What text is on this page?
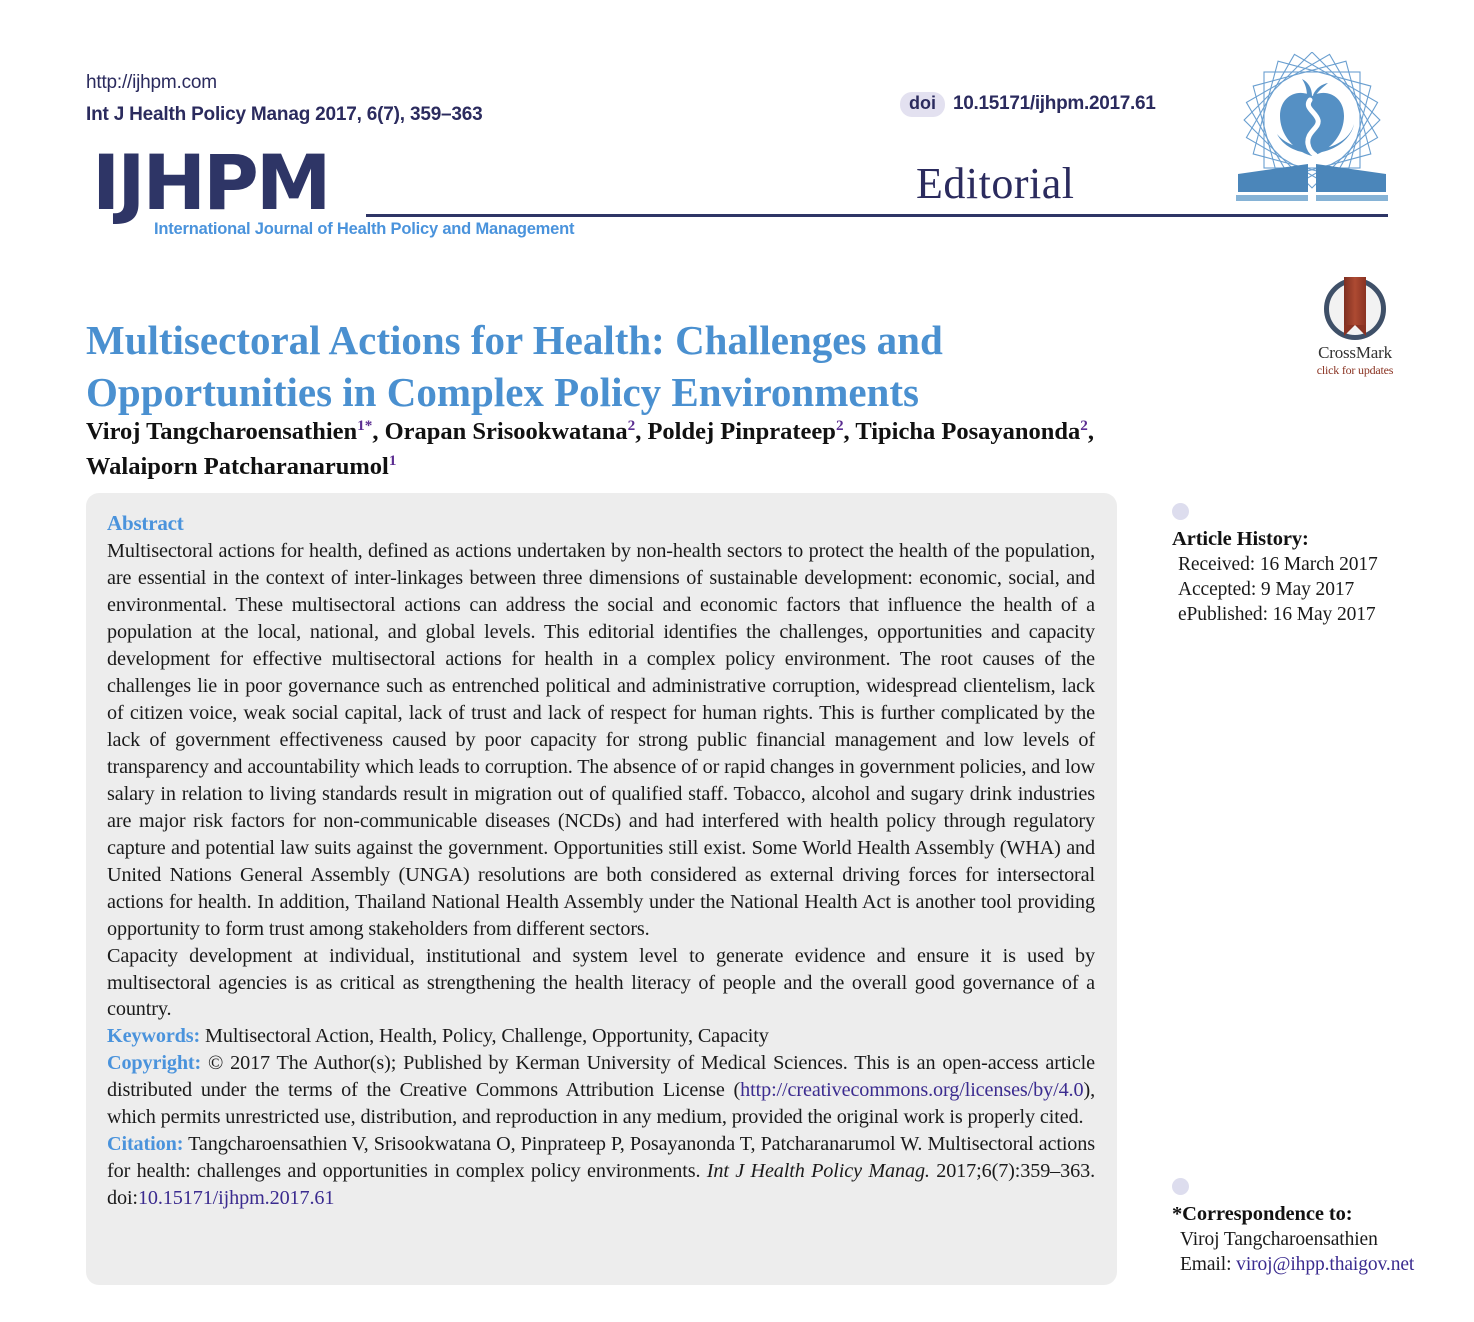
http://ijhpm.com
Int J Health Policy Manag 2017, 6(7), 359–363
doi 10.15171/ijhpm.2017.61
IJHPM
International Journal of Health Policy and Management
Editorial
Multisectoral Actions for Health: Challenges and Opportunities in Complex Policy Environments
CrossMark
click for updates
Viroj Tangcharoensathien$^{1*}$, Orapan Srisookwatana$^2$, Poldej Pinprateep$^2$, Tipicha Posayanonda$^2$, Walaiporn Patcharanarumol$^1$
Abstract

Multisectoral actions for health, defined as actions undertaken by non-health sectors to protect the health of the population, are essential in the context of inter-linkages between three dimensions of sustainable development: economic, social, and environmental. These multisectoral actions can address the social and economic factors that influence the health of a population at the local, national, and global levels. This editorial identifies the challenges, opportunities and capacity development for effective multisectoral actions for health in a complex policy environment. The root causes of the challenges lie in poor governance such as entrenched political and administrative corruption, widespread clientelism, lack of citizen voice, weak social capital, lack of trust and lack of respect for human rights. This is further complicated by the lack of government effectiveness caused by poor capacity for strong public financial management and low levels of transparency and accountability which leads to corruption. The absence of or rapid changes in government policies, and low salary in relation to living standards result in migration out of qualified staff. Tobacco, alcohol and sugary drink industries are major risk factors for non-communicable diseases (NCDs) and had interfered with health policy through regulatory capture and potential law suits against the government. Opportunities still exist. Some World Health Assembly (WHA) and United Nations General Assembly (UNGA) resolutions are both considered as external driving forces for intersectoral actions for health. In addition, Thailand National Health Assembly under the National Health Act is another tool providing opportunity to form trust among stakeholders from different sectors.

Capacity development at individual, institutional and system level to generate evidence and ensure it is used by multisectoral agencies is as critical as strengthening the health literacy of people and the overall good governance of a country.

Keywords: Multisectoral Action, Health, Policy, Challenge, Opportunity, Capacity

Copyright: © 2017 The Author(s); Published by Kerman University of Medical Sciences. This is an open-access article distributed under the terms of the Creative Commons Attribution License (http://creativecommons.org/licenses/by/4.0), which permits unrestricted use, distribution, and reproduction in any medium, provided the original work is properly cited.

Citation: Tangcharoensathien V, Srisookwatana O, Pinprateep P, Posayanonda T, Patcharanarumol W. Multisectoral actions for health: challenges and opportunities in complex policy environments. Int J Health Policy Manag. 2017;6(7):359–363. doi:10.15171/ijhpm.2017.61

Article History:
Received: 16 March 2017
Accepted: 9 May 2017
ePublished: 16 May 2017
*Correspondence to:
Viroj Tangcharoensathien
Email: viroj@ihpp.thaigov.net
